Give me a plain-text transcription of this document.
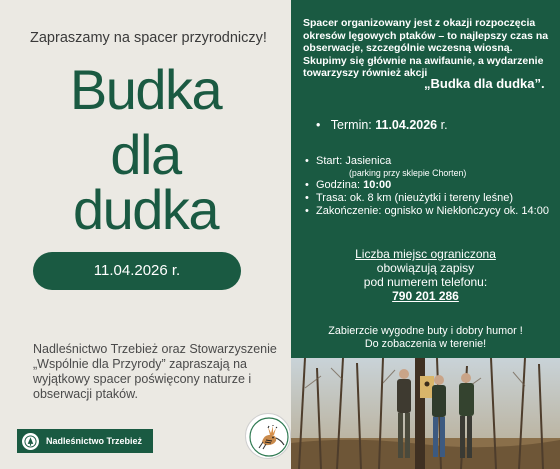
Zapraszamy na spacer przyrodniczy!
Budka
dla
dudka
11.04.2026 r.
Nadleśnictwo Trzebież oraz Stowarzyszenie „Wspólnie dla Przyrody” zapraszają na wyjątkowy spacer poświęcony naturze i obserwacji ptaków.
Nadleśnictwo Trzebież
Spacer organizowany jest z okazji rozpoczęcia okresów lęgowych ptaków – to najlepszy czas na obserwacje, szczególnie wczesną wiosną. Skupimy się głównie na awifaunie, a wydarzenie towarzyszy również akcji
„Budka dla dudka”.
•   Termin: 11.04.2026 r.
• Start: Jasienica
(parking przy sklepie Chorten)
• Godzina: 10:00
• Trasa: ok. 8 km (nieużytki i tereny leśne)
• Zakończenie: ognisko w Niekłończycy ok. 14:00
Liczba miejsc ograniczona
obowiązują zapisy
pod numerem telefonu:
790 201 286
Zabierzcie wygodne buty i dobry humor !
Do zobaczenia w terenie!
